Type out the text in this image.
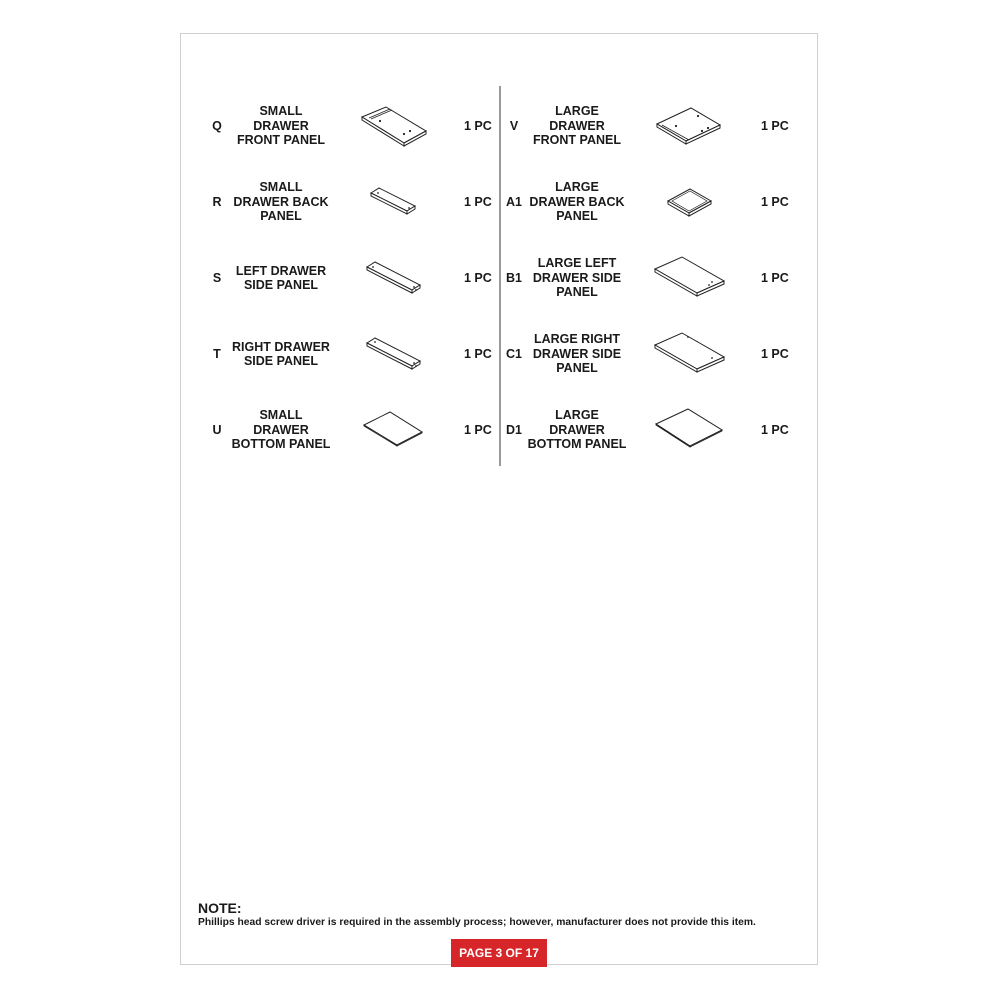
Q
SMALL
DRAWER
FRONT PANEL
1 PC
R
SMALL
DRAWER BACK
PANEL
1 PC
S
LEFT DRAWER
SIDE PANEL
1 PC
T
RIGHT DRAWER
SIDE PANEL
1 PC
U
SMALL
DRAWER
BOTTOM PANEL
1 PC
V
LARGE
DRAWER
FRONT PANEL
1 PC
A1
LARGE
DRAWER BACK
PANEL
1 PC
B1
LARGE LEFT
DRAWER SIDE
PANEL
1 PC
C1
LARGE RIGHT
DRAWER SIDE
PANEL
1 PC
D1
LARGE
DRAWER
BOTTOM PANEL
1 PC
NOTE:
Phillips head screw driver is required in the assembly process; however, manufacturer does not provide this item.
PAGE 3 OF 17
